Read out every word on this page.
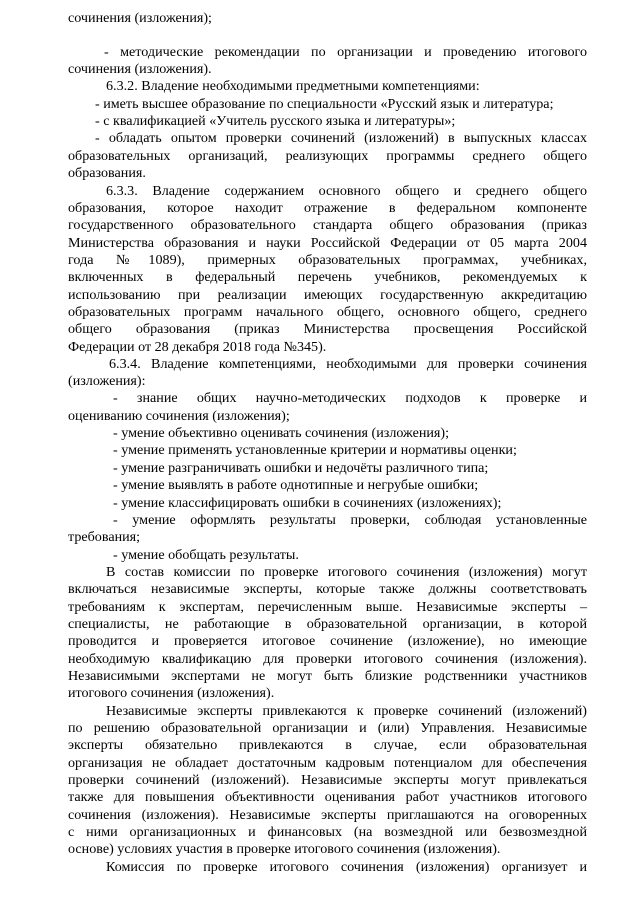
сочинения (изложения);

- методические рекомендации по организации и проведению итогового

сочинения (изложения).

6.3.2. Владение необходимыми предметными компетенциями:

- иметь высшее образование по специальности «Русский язык и литература;

- с квалификацией «Учитель русского языка и литературы»;

- обладать опытом проверки сочинений (изложений) в выпускных классах

образовательных организаций, реализующих программы среднего общего

образования.

6.3.3. Владение содержанием основного общего и среднего общего

образования, которое находит отражение в федеральном компоненте

государственного образовательного стандарта общего образования (приказ

Министерства образования и науки Российской Федерации от 05 марта 2004

года №1089), примерных образовательных программах, учебниках,

включенных в федеральный перечень учебников, рекомендуемых к

использованию при реализации имеющих государственную аккредитацию

образовательных программ начального общего, основного общего, среднего

общего образования (приказ Министерства просвещения Российской

Федерации от 28 декабря 2018 года №345).

6.3.4. Владение компетенциями, необходимыми для проверки сочинения

(изложения):

- знание общих научно-методических подходов к проверке и

оцениванию сочинения (изложения);

- умение объективно оценивать сочинения (изложения);

- умение применять установленные критерии и нормативы оценки;

- умение разграничивать ошибки и недочёты различного типа;

- умение выявлять в работе однотипные и негрубые ошибки;

- умение классифицировать ошибки в сочинениях (изложениях);

- умение оформлять результаты проверки, соблюдая установленные

требования;

- умение обобщать результаты.

В состав комиссии по проверке итогового сочинения (изложения) могут

включаться независимые эксперты, которые также должны соответствовать

требованиям к экспертам, перечисленным выше. Независимые эксперты –

специалисты, не работающие в образовательной организации, в которой

проводится и проверяется итоговое сочинение (изложение), но имеющие

необходимую квалификацию для проверки итогового сочинения (изложения).

Независимыми экспертами не могут быть близкие родственники участников

итогового сочинения (изложения).

Независимые эксперты привлекаются к проверке сочинений (изложений)

по решению образовательной организации и (или) Управления. Независимые

эксперты обязательно привлекаются в случае, если образовательная

организация не обладает достаточным кадровым потенциалом для обеспечения

проверки сочинений (изложений). Независимые эксперты могут привлекаться

также для повышения объективности оценивания работ участников итогового

сочинения (изложения). Независимые эксперты приглашаются на оговоренных

с ними организационных и финансовых (на возмездной или безвозмездной

основе) условиях участия в проверке итогового сочинения (изложения).

Комиссия по проверке итогового сочинения (изложения) организует и
